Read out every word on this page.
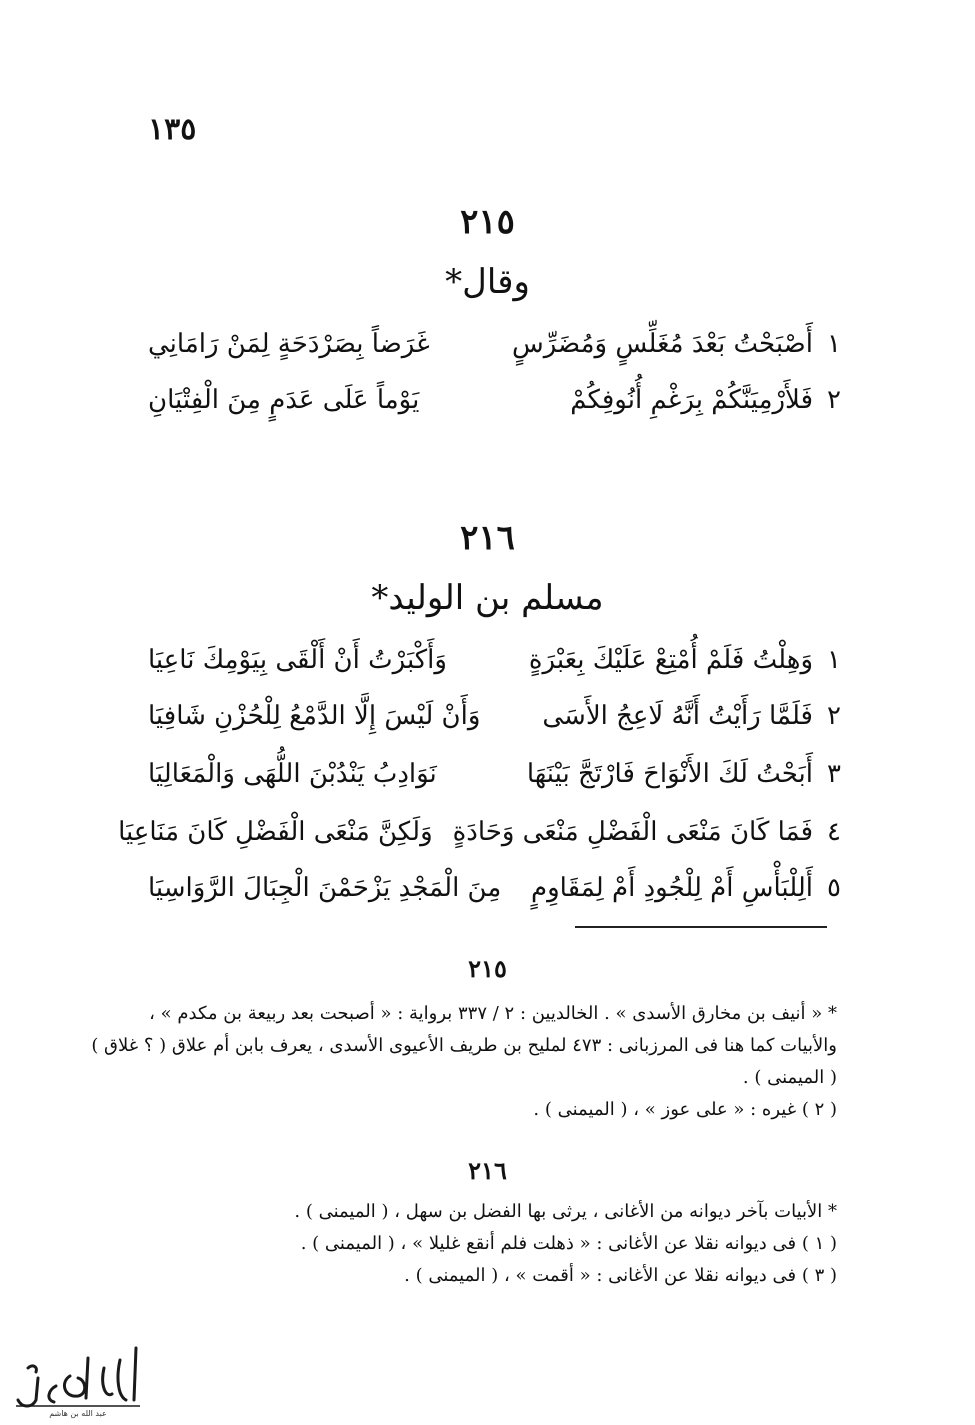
١٣٥
٢١٥
وقال*
١
أَصْبَحْتُ بَعْدَ مُغَلِّسٍ وَمُضَرِّسٍ
غَرَضاً بِصَرْدَحَةٍ لِمَنْ رَامَانِي
٢
فَلأَرْمِيَنَّكُمْ بِرَغْمِ أُنُوفِكُمْ
يَوْماً عَلَى عَدَمٍ مِنَ الْفِتْيَانِ
٢١٦
مسلم بن الوليد*
١
وَهِلْتُ فَلَمْ أُمْتِعْ عَلَيْكَ بِعَبْرَةٍ
وَأَكْبَرْتُ أَنْ أَلْقَى بِيَوْمِكَ نَاعِيَا
٢
فَلَمَّا رَأَيْتُ أَنَّهُ لَاعِجُ الأَسَى
وَأَنْ لَيْسَ إِلَّا الدَّمْعُ لِلْحُزْنِ شَافِيَا
٣
أَبَحْتُ لَكَ الأَنْوَاحَ فَارْتَجَّ بَيْنَهَا
نَوَادِبُ يَنْدُبْنَ اللُّهَى وَالْمَعَالِيَا
٤
فَمَا كَانَ مَنْعَى الْفَضْلِ مَنْعَى وَحَادَةٍ
وَلَكِنَّ مَنْعَى الْفَضْلِ كَانَ مَنَاعِيَا
٥
أَلِلْبَأْسِ أَمْ لِلْجُودِ أَمْ لِمَقَاوِمٍ
مِنَ الْمَجْدِ يَزْحَمْنَ الْجِبَالَ الرَّوَاسِيَا
٢١٥
* « أنيف بن مخارق الأسدى » . الخالديين : ٢ / ٣٣٧ برواية : « أصبحت بعد ربيعة بن مكدم » ،
والأبيات كما هنا فى المرزبانى : ٤٧٣ لمليح بن طريف الأعيوى الأسدى ، يعرف بابن أم علاق ( ؟ غلاق )
( الميمنى ) .
( ٢ ) غيره : « على عوز » ، ( الميمنى ) .
٢١٦
* الأبيات بآخر ديوانه من الأغانى ، يرثى بها الفضل بن سهل ، ( الميمنى ) .
( ١ ) فى ديوانه نقلا عن الأغانى : « ذهلت فلم أنقع غليلا » ، ( الميمنى ) .
( ٣ ) فى ديوانه نقلا عن الأغانى : « أقمت » ، ( الميمنى ) .
عبد الله بن هاشم
